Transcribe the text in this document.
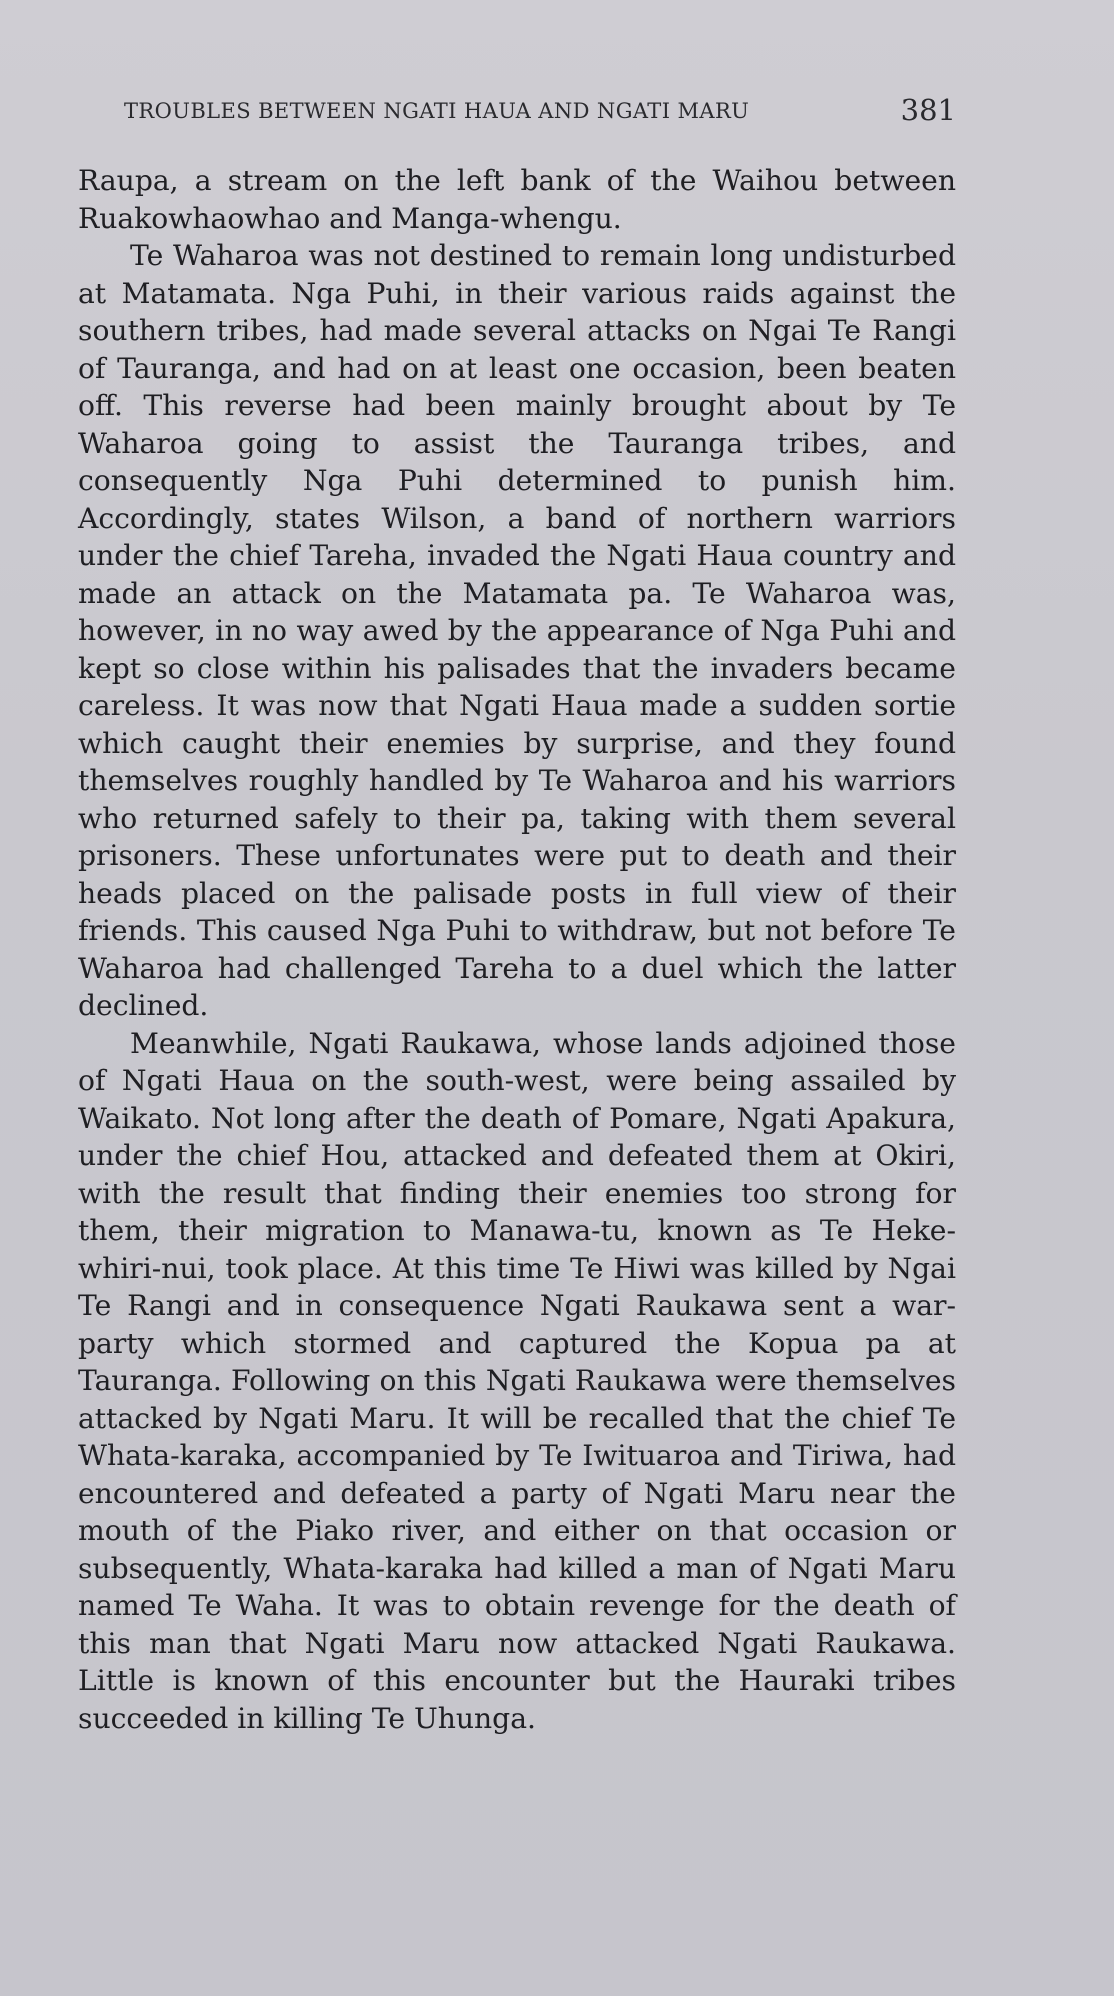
TROUBLES BETWEEN NGATI HAUA AND NGATI MARU	381

Raupa, a stream on the left bank of the Waihou between Ruakowhaowhao and Manga-whengu.

Te Waharoa was not destined to remain long undisturbed at Matamata. Nga Puhi, in their various raids against the southern tribes, had made several attacks on Ngai Te Rangi of Tauranga, and had on at least one occasion, been beaten off. This reverse had been mainly brought about by Te Waharoa going to assist the Tauranga tribes, and consequently Nga Puhi determined to punish him. Accordingly, states Wilson, a band of northern warriors under the chief Tareha, invaded the Ngati Haua country and made an attack on the Matamata pa. Te Waharoa was, however, in no way awed by the appearance of Nga Puhi and kept so close within his palisades that the invaders became careless. It was now that Ngati Haua made a sudden sortie which caught their enemies by surprise, and they found themselves roughly handled by Te Waharoa and his warriors who returned safely to their pa, taking with them several prisoners. These unfortunates were put to death and their heads placed on the palisade posts in full view of their friends. This caused Nga Puhi to withdraw, but not before Te Waharoa had challenged Tareha to a duel which the latter declined.

Meanwhile, Ngati Raukawa, whose lands adjoined those of Ngati Haua on the south-west, were being assailed by Waikato. Not long after the death of Pomare, Ngati Apakura, under the chief Hou, attacked and defeated them at Okiri, with the result that finding their enemies too strong for them, their migration to Manawa-tu, known as Te Heke-whiri-nui, took place. At this time Te Hiwi was killed by Ngai Te Rangi and in consequence Ngati Raukawa sent a war-party which stormed and captured the Kopua pa at Tauranga. Following on this Ngati Raukawa were themselves attacked by Ngati Maru. It will be recalled that the chief Te Whata-karaka, accompanied by Te Iwituaroa and Tiriwa, had encountered and defeated a party of Ngati Maru near the mouth of the Piako river, and either on that occasion or subsequently, Whata-karaka had killed a man of Ngati Maru named Te Waha. It was to obtain revenge for the death of this man that Ngati Maru now attacked Ngati Raukawa. Little is known of this encounter but the Hauraki tribes succeeded in killing Te Uhunga.
